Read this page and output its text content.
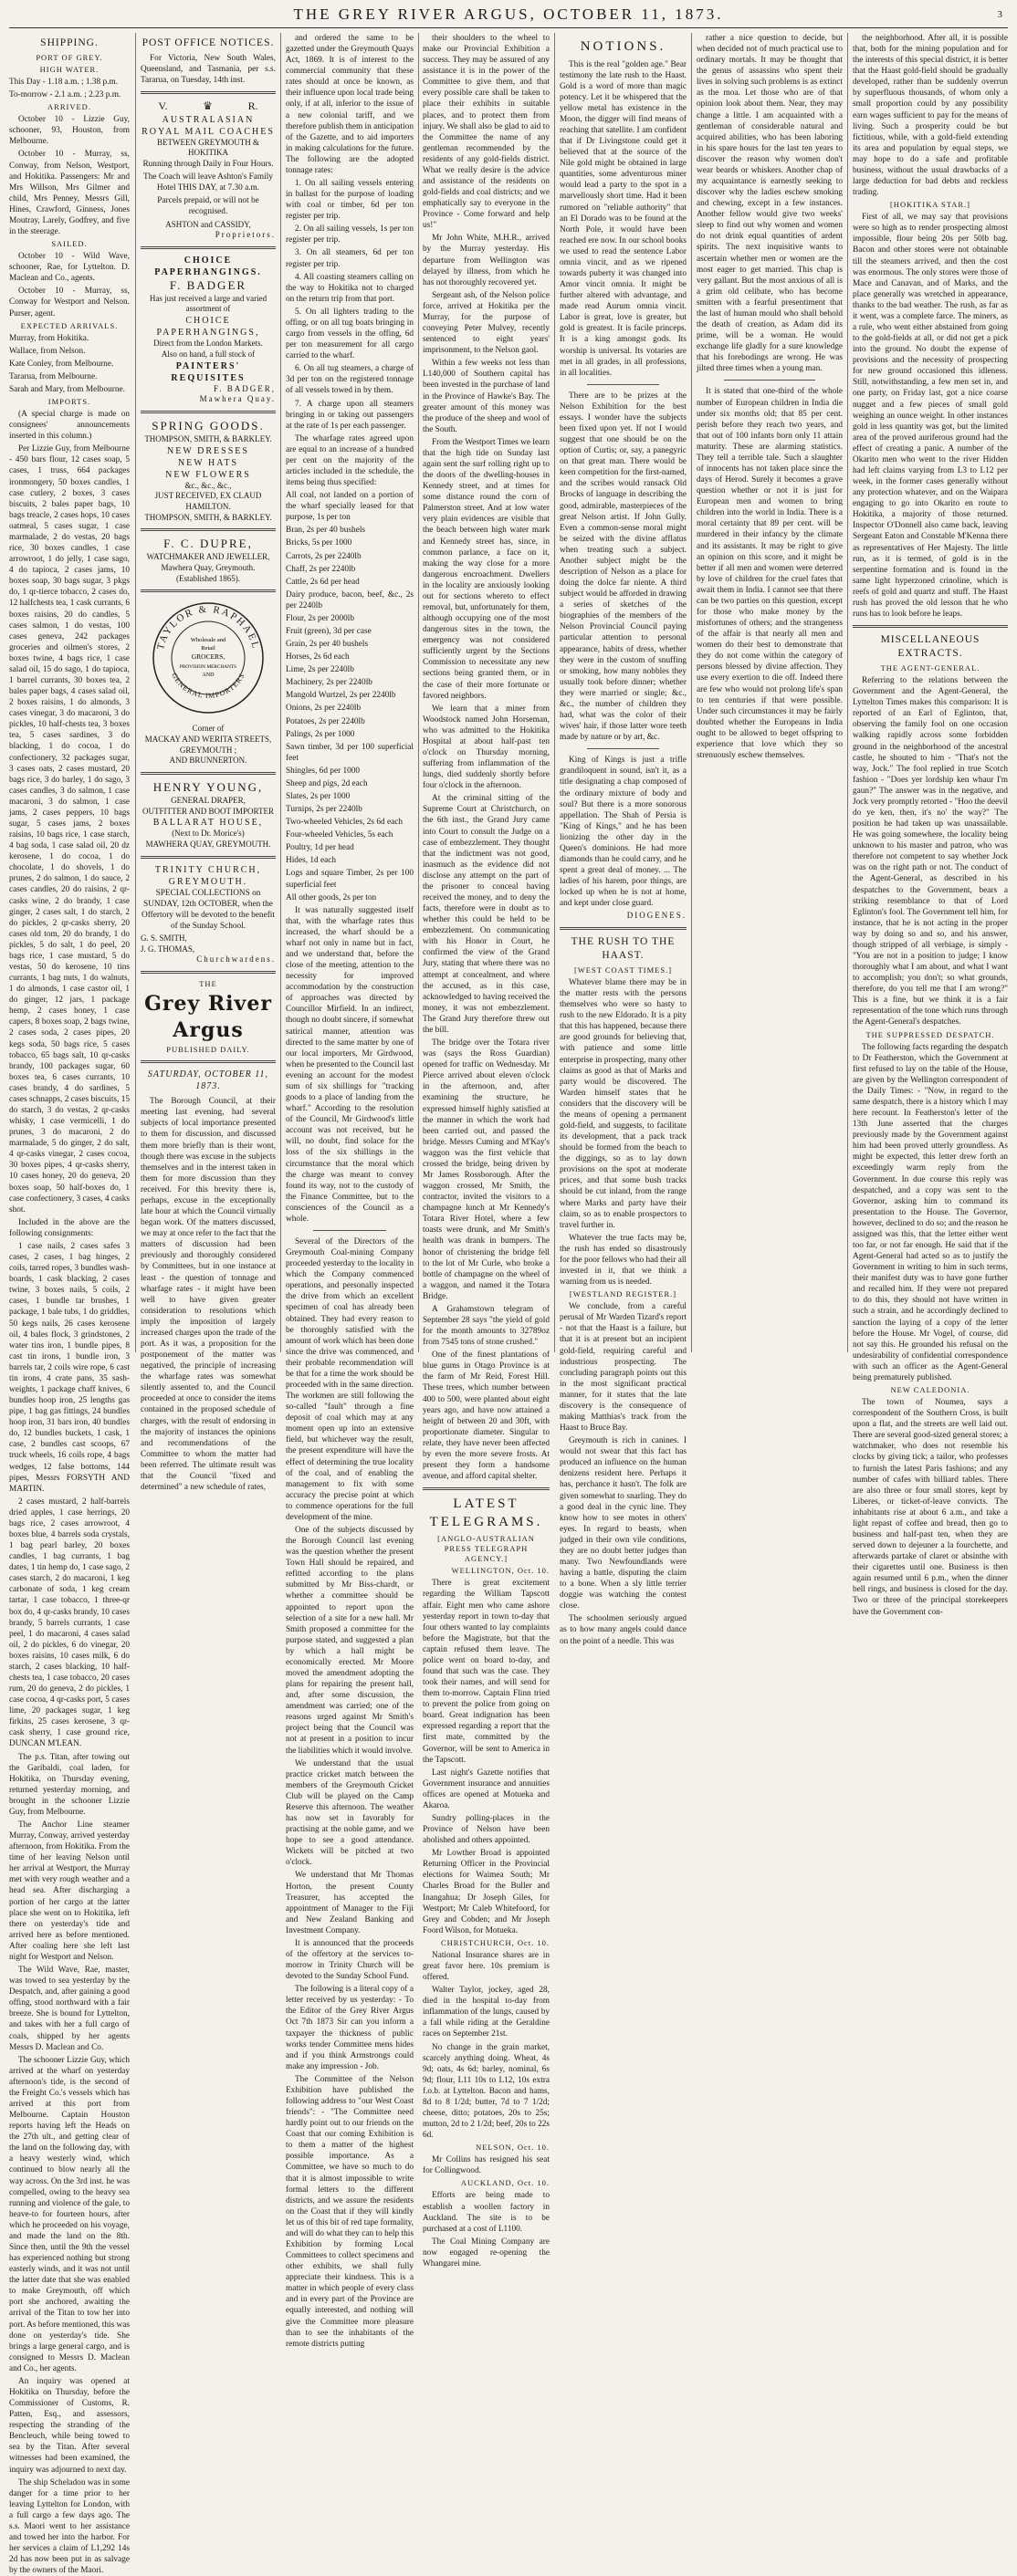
THE GREY RIVER ARGUS, OCTOBER 11, 1873.	3
SHIPPING.
PORT OF GREY.
HIGH WATER.

This Day - 1.18 a.m. ; 1.38 p.m.

To-morrow - 2.1 a.m. ; 2.23 p.m.

ARRIVED.

October 10 - Lizzie Guy, schooner, 93, Houston, from Melbourne.

October 10 - Murray, ss, Conway, from Nelson, Westport, and Hokitika. Passengers: Mr and Mrs Willson, Mrs Gilmer and child, Mrs Penney, Messrs Gill, Hines, Crawford, Ginness, Jones Moutray, Larely, Godfrey, and five in the steerage.

SAILED.

October 10 - Wild Wave, schooner, Rae, for Lyttelton. D. Maclean and Co., agents.

October 10 - Murray, ss, Conway for Westport and Nelson. Purser, agent.

EXPECTED ARRIVALS.

Murray, from Hokitika.

Wallace, from Nelson.

Kate Conley, from Melbourne.

Tararua, from Melbourne.

Sarah and Mary, from Melbourne.

IMPORTS.

(A special charge is made on consignees' announcements inserted in this column.)

Per Lizzie Guy, from Melbourne - 450 bars flour, 12 cases soap, 5 cases, 1 truss, 664 packages ironmongery, 50 boxes candles, 1 case cutlery, 2 boxes, 3 cases biscuits, 2 bales paper bags, 10 bags treacle, 2 cases hops, 10 cases oatmeal, 5 cases sugar, 1 case marmalade, 2 do vestas, 20 bags rice, 30 boxes candles, 1 case arrowroot, 1 do jelly, 1 case sago, 4 do tapioca, 2 cases jams, 10 boxes soap, 30 bags sugar, 3 pkgs do, 1 qr-tierce tobacco, 2 cases do, 12 halfchests tea, 1 cask currants, 6 boxes raisins, 20 do candles, 5 cases salmon, 1 do vestas, 100 cases geneva, 242 packages groceries and oilmen's stores, 2 boxes twine, 4 bags rice, 1 case salad oil, 15 do sago, 1 do tapioca, 1 barrel currants, 30 boxes tea, 2 bales paper bags, 4 cases salad oil, 2 boxes raisins, 1 do almonds, 3 cases vinegar, 3 do macaroni, 3 do pickles, 10 half-chests tea, 3 boxes tea, 5 cases sardines, 3 do blacking, 1 do cocoa, 1 do confectionery, 32 packages sugar, 3 cases oats, 2 cases mustard, 20 bags rice, 3 do barley, 1 do sago, 3 cases candles, 3 do salmon, 1 case macaroni, 3 do salmon, 1 case jams, 2 cases peppers, 10 bags sugar, 5 cases jams, 2 boxes raisins, 10 bags rice, 1 case starch, 4 bag soda, 1 case salad oil, 20 dz kerosene, 1 do cocoa, 1 do chocolate, 1 do shovels, 1 do prunes, 2 do salmon, 1 do sauce, 2 cases candles, 20 do raisins, 2 qr-casks wine, 2 do brandy, 1 case ginger, 2 cases salt, 1 do starch, 2 do pickles, 2 qr-casks sherry, 20 cases old tom, 20 do brandy, 1 do pickles, 5 do salt, 1 do peel, 20 bags rice, 1 case mustard, 5 do vestas, 50 do kerosene, 10 tins currants, 1 bag nuts, 1 do walnuts, 1 do almonds, 1 case castor oil, 1 do ginger, 12 jars, 1 package hemp, 2 cases honey, 1 case capers, 8 boxes soap, 2 bags twine, 2 cases soda, 2 cases pipes, 20 kegs soda, 50 bags rice, 5 cases tobacco, 65 bags salt, 10 qr-casks brandy, 100 packages sugar, 60 boxes tea, 6 cases currants, 10 cases brandy, 4 do sardines, 5 cases schnapps, 2 cases biscuits, 15 do starch, 3 do vestas, 2 qr-casks whisky, 1 case vermicelli, 1 do prunes, 3 do macaroni, 2 do marmalade, 5 do ginger, 2 do salt, 4 qr-casks vinegar, 2 cases cocoa, 30 boxes pipes, 4 qr-casks sherry, 10 cases honey, 20 do geneva, 20 boxes soap, 50 half-boxes do, 1 case confectionery, 3 cases, 4 casks shot.

Included in the above are the following consignments:

1 case nails, 2 cases safes 3 cases, 2 cases, 1 bag hinges, 2 coils, tarred ropes, 3 bundles wash-boards, 1 cask blacking, 2 cases twine, 3 boxes nails, 5 coils, 2 cases, 1 bundle tar brushes, 1 package, 1 bale tubs, 1 do griddles, 50 kegs nails, 26 cases kerosene oil, 4 bales flock, 3 grindstones, 2 water tins iron, 1 bundle pipes, 8 cast tin irons, 1 bundle iron, 3 barrels tar, 2 coils wire rope, 6 cast tin irons, 4 crate pans, 35 sash-weights, 1 package chaff knives, 6 bundles hoop iron, 25 lengths gas pipe, 1 bag gas fittings, 24 bundles hoop iron, 31 bars iron, 40 bundles do, 12 bundles buckets, 1 cask, 1 case, 2 bundles cast scoops, 67 truck wheels, 16 coils rope, 4 bags wedges, 12 false bottoms, 144 pipes, Messrs FORSYTH AND MARTIN.

2 cases mustard, 2 half-barrels dried apples, 1 case herrings, 20 bags rice, 2 cases arrowroot, 4 boxes blue, 4 barrels soda crystals, 1 bag pearl barley, 20 boxes candles, 1 bag currants, 1 bag dates, 1 tin hemp do, 1 case sago, 2 cases starch, 2 do macaroni, 1 keg carbonate of soda, 1 keg cream tartar, 1 case tobacco, 1 three-qr box do, 4 qr-casks brandy, 10 cases brandy, 5 barrels currants, 1 case peel, 1 do macaroni, 4 cases salad oil, 2 do pickles, 6 do vinegar, 20 boxes raisins, 10 cases milk, 6 do starch, 2 cases blacking, 10 half-chests tea, 1 case tobacco, 20 cases rum, 20 do geneva, 2 do pickles, 1 case cocoa, 4 qr-casks port, 5 cases lime, 20 packages sugar, 1 keg firkins, 25 cases kerosene, 3 qr-cask sherry, 1 case ground rice, DUNCAN M'LEAN.

The p.s. Titan, after towing out the Garibaldi, coal laden, for Hokitika, on Thursday evening, returned yesterday morning, and brought in the schooner Lizzie Guy, from Melbourne.

The Anchor Line steamer Murray, Conway, arrived yesterday afternoon, from Hokitika. From the time of her leaving Nelson until her arrival at Westport, the Murray met with very rough weather and a head sea. After discharging a portion of her cargo at the latter place she went on to Hokitika, left there on yesterday's tide and arrived here as before mentioned. After coaling here she left last night for Westport and Nelson.

The Wild Wave, Rae, master, was towed to sea yesterday by the Despatch, and, after gaining a good offing, stood northward with a fair breeze. She is bound for Lyttelton, and takes with her a full cargo of coals, shipped by her agents Messrs D. Maclean and Co.

The schooner Lizzie Guy, which arrived at the wharf on yesterday afternoon's tide, is the second of the Freight Co.'s vessels which has arrived at this port from Melbourne. Captain Houston reports having left the Heads on the 27th ult., and getting clear of the land on the following day, with a heavy westerly wind, which continued to blow nearly all the way across. On the 3rd inst. he was compelled, owing to the heavy sea running and violence of the gale, to heave-to for fourteen hours, after which he proceeded on his voyage, and made the land on the 8th. Since then, until the 9th the vessel has experienced nothing but strong easterly winds, and it was not until the latter date that she was enabled to make Greymouth, off which port she anchored, awaiting the arrival of the Titan to tow her into port. As before mentioned, this was done on yesterday's tide. She brings a large general cargo, and is consigned to Messrs D. Maclean and Co., her agents.

An inquiry was opened at Hokitika on Thursday, before the Commissioner of Customs, R. Patten, Esq., and assessors, respecting the stranding of the Bencleuch, while being towed to sea by the Titan. After several witnesses had been examined, the inquiry was adjourned to next day.

The ship Scheladon was in some danger for a time prior to her leaving Lyttelton for London, with a full cargo a few days ago. The s.s. Maori went to her assistance and towed her into the harbor. For her services a claim of L1,292 14s 2d has now been put in as salvage by the owners of the Maori.

POST OFFICE NOTICES.

For Victoria, New South Wales, Queensland, and Tasmania, per s.s. Tararua, on Tuesday, 14th inst.

V.	♛	R.
AUSTRALASIAN ROYAL MAIL COACHES
BETWEEN GREYMOUTH & HOKITIKA

Running through Daily in Four Hours.

The Coach will leave Ashton's Family Hotel THIS DAY, at 7.30 a.m.

Parcels prepaid, or will not be recognised.

ASHTON and CASSIDY,
Proprietors.
CHOICE PAPERHANGINGS.
F. BADGER
Has just received a large and varied assortment of
CHOICE PAPERHANGINGS,
Direct from the London Markets.
Also on hand, a full stock of
PAINTERS' REQUISITES
F. BADGER,
Mawhera Quay.
SPRING GOODS.
THOMPSON, SMITH, & BARKLEY.
NEW DRESSES
NEW HATS
NEW FLOWERS
&c., &c., &c.,
JUST RECEIVED, EX CLAUD HAMILTON.
THOMPSON, SMITH, & BARKLEY.
F. C. DUPRE,
WATCHMAKER AND JEWELLER,
Mawhera Quay, Greymouth.
(Established 1865).
TAYLOR & RAPHAEL
GENERAL IMPORTERS
Wholesale and
Retail
GROCERS,
PROVISION MERCHANTS
AND
Corner of
MACKAY AND WERITA STREETS,
GREYMOUTH ;
AND BRUNNERTON.
HENRY YOUNG,
GENERAL DRAPER,
OUTFITTER AND BOOT IMPORTER
BALLARAT HOUSE,
(Next to Dr. Morice's)
MAWHERA QUAY, GREYMOUTH.
TRINITY CHURCH, GREYMOUTH.

SPECIAL COLLECTIONS on SUNDAY, 12th OCTOBER, when the Offertory will be devoted to the benefit of the Sunday School.

G. S. SMITH,
J. G. THOMAS,
Churchwardens.
THE
Grey River Argus
PUBLISHED DAILY.
SATURDAY, OCTOBER 11, 1873.

The Borough Council, at their meeting last evening, had several subjects of local importance presented to them for discussion, and discussed them more briefly than is their wont, though there was excuse in the subjects themselves and in the interest taken in them for more discussion than they received. For this brevity there is, perhaps, excuse in the exceptionally late hour at which the Council virtually began work. Of the matters discussed, we may at once refer to the fact that the matters of discussion had been previously and thoroughly considered by Committees, but in one instance at least - the question of tonnage and wharfage rates - it might have been well to have given greater consideration to resolutions which imply the imposition of largely increased charges upon the trade of the port. As it was, a proposition for the postponement of the matter was negatived, the principle of increasing the wharfage rates was somewhat silently assented to, and the Council proceeded at once to consider the items contained in the proposed schedule of charges, with the result of endorsing in the majority of instances the opinions and recommendations of the Committee to whom the matter had been referred. The ultimate result was that the Council "fixed and determined" a new schedule of rates,

and ordered the same to be gazetted under the Greymouth Quays Act, 1869. It is of interest to the commercial community that these rates should at once be known, as their influence upon local trade being only, if at all, inferior to the issue of a new colonial tariff, and we therefore publish them in anticipation of the Gazette, and to aid importers in making calculations for the future. The following are the adopted tonnage rates:

1. On all sailing vessels entering in ballast for the purpose of loading with coal or timber, 6d per ton register per trip.

2. On all sailing vessels, 1s per ton register per trip.

3. On all steamers, 6d per ton register per trip.

4. All coasting steamers calling on the way to Hokitika not to charged on the return trip from that port.

5. On all lighters trading to the offing, or on all tug boats bringing in cargo from vessels in the offing, 6d per ton measurement for all cargo carried to the wharf.

6. On all tug steamers, a charge of 3d per ton on the registered tonnage of all vessels towed in by them.

7. A charge upon all steamers bringing in or taking out passengers at the rate of 1s per each passenger.

The wharfage rates agreed upon are equal to an increase of a hundred per cent on the majority of the articles included in the schedule, the items being thus specified:

All coal, not landed on a portion of the wharf specially leased for that purpose, 1s per ton

Bran, 2s per 40 bushels

Bricks, 5s per 1000

Carrots, 2s per 2240lb

Chaff, 2s per 2240lb

Cattle, 2s 6d per head

Dairy produce, bacon, beef, &c., 2s per 2240lb

Flour, 2s per 2000lb

Fruit (green), 3d per case

Grain, 2s per 40 bushels

Horses, 2s 6d each

Lime, 2s per 2240lb

Machinery, 2s per 2240lb

Mangold Wurtzel, 2s per 2240lb

Onions, 2s per 2240lb

Potatoes, 2s per 2240lb

Palings, 2s per 1000

Sawn timber, 3d per 100 superficial feet

Shingles, 6d per 1000

Sheep and pigs, 2d each

Slates, 2s per 1000

Turnips, 2s per 2240lb

Two-wheeled Vehicles, 2s 6d each

Four-wheeled Vehicles, 5s each

Poultry, 1d per head

Hides, 1d each

Logs and square Timber, 2s per 100 superficial feet

All other goods, 2s per ton

It was naturally suggested itself that, with the wharfage rates thus increased, the wharf should be a wharf not only in name but in fact, and we understand that, before the close of the meeting, attention to the necessity for improved accommodation by the construction of approaches was directed by Councillor Mirfield. In an indirect, though no doubt sincere, if somewhat satirical manner, attention was directed to the same matter by one of our local importers, Mr Girdwood, when he presented to the Council last evening an account for the modest sum of six shillings for "tracking goods to a place of landing from the wharf." According to the resolution of the Council, Mr Girdwood's little account was not received, but he will, no doubt, find solace for the loss of the six shillings in the circumstance that the moral which the charge was meant to convey found its way, not to the custody of the Finance Committee, but to the consciences of the Council as a whole.

Several of the Directors of the Greymouth Coal-mining Company proceeded yesterday to the locality in which the Company commenced operations, and personally inspected the drive from which an excellent specimen of coal has already been obtained. They had every reason to be thoroughly satisfied with the amount of work which has been done since the drive was commenced, and their probable recommendation will be that for a time the work should be proceeded with in the same direction. The workmen are still following the so-called "fault" through a fine deposit of coal which may at any moment open up into an extensive field, but whichever way the result, the present expenditure will have the effect of determining the true locality of the coal, and of enabling the management to fix with some accuracy the precise point at which to commence operations for the full development of the mine.

One of the subjects discussed by the Borough Council last evening was the question whether the present Town Hall should be repaired, and refitted according to the plans submitted by Mr Biss-chardt, or whether a committee should be appointed to report upon the selection of a site for a new hall. Mr Smith proposed a committee for the purpose stated, and suggested a plan by which a hall might be economically erected. Mr Moore moved the amendment adopting the plans for repairing the present hall, and, after some discussion, the amendment was carried; one of the reasons urged against Mr Smith's project being that the Council was not at present in a position to incur the liabilities which it would involve.

We understand that the usual practice cricket match between the members of the Greymouth Cricket Club will be played on the Camp Reserve this afternoon. The weather has now set in favorably for practising at the noble game, and we hope to see a good attendance. Wickets will be pitched at two o'clock.

We understand that Mr Thomas Horton, the present County Treasurer, has accepted the appointment of Manager to the Fiji and New Zealand Banking and Investment Company.

It is announced that the proceeds of the offertory at the services to-morrow in Trinity Church will be devoted to the Sunday School Fund.

The following is a literal copy of a letter received by us yesterday: - To the Editor of the Grey River Argus Oct 7th 1873 Sir can you inform a taxpayer the thickness of public works tender Committee mens hides and if you think Armstrongs could make any impression - Job.

The Committee of the Nelson Exhibition have published the following address to "our West Coast friends": - "The Committee need hardly point out to our friends on the Coast that our coming Exhibition is to them a matter of the highest possible importance. As a Committee, we have so much to do that it is almost impossible to write formal letters to the different districts, and we assure the residents on the Coast that if they will kindly let us of this bit of red tape formality, and will do what they can to help this Exhibition by forming Local Committees to collect specimens and other exhibits, we shall fully appreciate their kindness. This is a matter in which people of every class and in every part of the Province are equally interested, and nothing will give the Committee more pleasure than to see the inhabitants of the remote districts putting

their shoulders to the wheel to make our Provincial Exhibition a success. They may be assured of any assistance it is in the power of the Committee to give them, and that every possible care shall be taken to place their exhibits in suitable places, and to protect them from injury. We shall also be glad to aid to the Committee the name of any gentleman recommended by the residents of any gold-fields district. What we really desire is the advice and assistance of the residents on gold-fields and coal districts; and we emphatically say to everyone in the Province - Come forward and help us!"

Mr John White, M.H.R., arrived by the Murray yesterday. His departure from Wellington was delayed by illness, from which he has not thoroughly recovered yet.

Sergeant ash, of the Nelson police force, arrived at Hokitika per the Murray, for the purpose of conveying Peter Mulvey, recently sentenced to eight years' imprisonment, to the Nelson gaol.

Within a few weeks not less than L140,000 of Southern capital has been invested in the purchase of land in the Province of Hawke's Bay. The greater amount of this money was the produce of the sheep and wool of the South.

From the Westport Times we learn that the high tide on Sunday last again sent the surf rolling right up to the doors of the dwelling-houses in Kennedy street, and at times for some distance round the corn of Palmerston street. And at low water very plain evidences are visible that the beach between high water mark and Kennedy street has, since, in common parlance, a face on it, making the way close for a more dangerous encroachment. Dwellers in the locality are anxiously looking out for sections whereto to effect removal, but, unfortunately for them, although occupying one of the most dangerous sites in the town, the emergency was not considered sufficiently urgent by the Sections Commission to necessitate any new sections being granted them, or in the case of their more fortunate or favored neighbors.

We learn that a miner from Woodstock named John Horseman, who was admitted to the Hokitika Hospital at about half-past ten o'clock on Thursday morning, suffering from inflammation of the lungs, died suddenly shortly before four o'clock in the afternoon.

At the criminal sitting of the Supreme Court at Christchurch, on the 6th inst., the Grand Jury came into Court to consult the Judge on a case of embezzlement. They thought that the indictment was not good, inasmuch as the evidence did not disclose any attempt on the part of the prisoner to conceal having received the money, and to deny the facts, therefore were in doubt as to whether this could be held to be embezzlement. On communicating with his Honor in Court, he confirmed the view of the Grand Jury, stating that where there was no attempt at concealment, and where the accused, as in this case, acknowledged to having received the money, it was not embezzlement. The Grand Jury therefore threw out the bill.

The bridge over the Totara river was (says the Ross Guardian) opened for traffic on Wednesday. Mr Pierce arrived about eleven o'clock in the afternoon, and, after examining the structure, he expressed himself highly satisfied at the manner in which the work had been carried out, and passed the bridge. Messrs Cuming and M'Kay's waggon was the first vehicle that crossed the bridge, being driven by Mr James Rossborough. After the waggon crossed, Mr Smith, the contractor, invited the visitors to a champagne lunch at Mr Kennedy's Totara River Hotel, where a few toasts were drunk, and Mr Smith's health was drank in bumpers. The honor of christening the bridge fell to the lot of Mr Curle, who broke a bottle of champagne on the wheel of a waggon, and named it the Totara Bridge.

A Grahamstown telegram of September 28 says "the yield of gold for the month amounts to 32789oz from 7545 tons of stone crushed."

One of the finest plantations of blue gums in Otago Province is at the farm of Mr Reid, Forest Hill. These trees, which number between 400 to 500, were planted about eight years ago, and have now attained a height of between 20 and 30ft, with proportionate diameter. Singular to relate, they have never been affected by even the more severe frosts. At present they form a handsome avenue, and afford capital shelter.

LATEST TELEGRAMS.
[ANGLO-AUSTRALIAN PRESS TELEGRAPH AGENCY.]
WELLINGTON, Oct. 10.

There is great excitement regarding the William Tapscott affair. Eight men who came ashore yesterday report in town to-day that four others wanted to lay complaints before the Magistrate, but that the captain refused them leave. The police went on board to-day, and found that such was the case. They took their names, and will send for them to-morrow. Captain Flinn tried to prevent the police from going on board. Great indignation has been expressed regarding a report that the first mate, committed by the Governor, will be sent to America in the Tapscott.

Last night's Gazette notifies that Government insurance and annuities offices are opened at Motueka and Akaroa.

Sundry polling-places in the Province of Nelson have been abolished and others appointed.

Mr Lowther Broad is appointed Returning Officer in the Provincial elections for Waimea South; Mr Charles Broad for the Buller and Inangahua; Dr Joseph Giles, for Westport; Mr Caleb Whitefoord, for Grey and Cobden; and Mr Joseph Foord Wilson, for Motueka.

CHRISTCHURCH, Oct. 10.

National Insurance shares are in great favor here. 10s premium is offered.

Walter Taylor, jockey, aged 28, died in the hospital to-day from inflammation of the lungs, caused by a fall while riding at the Geraldine races on September 21st.

No change in the grain market, scarcely anything doing. Wheat, 4s 9d; oats, 4s 6d; barley, nominal, 6s 9d; flour, L11 10s to L12, 10s extra f.o.b. at Lyttelton. Bacon and hams, 8d to 8 1/2d; butter, 7d to 7 1/2d; cheese, ditto; potatoes, 20s to 25s; mutton, 2d to 2 1/2d; beef, 20s to 22s 6d.

NELSON, Oct. 10.

Mr Collins has resigned his seat for Collingwood.

AUCKLAND, Oct. 10.

Efforts are being made to establish a woollen factory in Auckland. The site is to be purchased at a cost of L1100.

The Coal Mining Company are now engaged re-opening the Whangarei mine.

NOTIONS.

This is the real "golden age." Bear testimony the late rush to the Haast. Gold is a word of more than magic potency. Let it be whispered that the yellow metal has existence in the Moon, the digger will find means of reaching that satellite. I am confident that if Dr Livingstone could get it believed that at the source of the Nile gold might be obtained in large quantities, some adventurous miner would lead a party to the spot in a marvellously short time. Had it been rumored on "reliable authority" that an El Dorado was to be found at the North Pole, it would have been reached ere now. In our school books we used to read the sentence Labor omnia vincit, and as we ripened towards puberty it was changed into Amor vincit omnia. It might be further altered with advantage, and made read Aurum omnia vincit. Labor is great, love is greater, but gold is greatest. It is facile princeps. It is a king amongst gods. Its worship is universal. Its votaries are met in all grades, in all professions, in all localities.

There are to be prizes at the Nelson Exhibition for the best essays. I wonder have the subjects been fixed upon yet. If not I would suggest that one should be on the option of Curtis; or, say, a panegyric on that great man. There would be keen competition for the first-named, and the scribes would ransack Old Brocks of language in describing the good, admirable, masterpieces of the great Nelson artist. If John Gully. Even a common-sense moral might be seized with the divine afflatus when treating such a subject. Another subject might be the description of Nelson as a place for doing the dolce far niente. A third subject would be afforded in drawing a series of sketches of the biographies of the members of the Nelson Provincial Council paying particular attention to personal appearance, habits of dress, whether they were in the custom of snuffing or smoking, how many nobbles they usually took before dinner; whether they were married or single; &c., &c., the number of children they had, what was the color of their wives' hair, if those latter wore teeth made by nature or by art, &c.

King of Kings is just a trifle grandiloquent in sound, isn't it, as a title designating a chap composed of the ordinary mixture of body and soul? But there is a more sonorous appellation. The Shah of Persia is "King of Kings," and he has been lionizing the other day in the Queen's dominions. He had more diamonds than he could carry, and he spent a great deal of money. ... The ladies of his harem, poor things, are locked up when he is not at home, and kept under close guard.

DIOGENES.
THE RUSH TO THE HAAST.
[WEST COAST TIMES.]

Whatever blame there may be in the matter rests with the persons themselves who were so hasty to rush to the new Eldorado. It is a pity that this has happened, because there are good grounds for believing that, with patience and some little enterprise in prospecting, many other claims as good as that of Marks and party would be discovered. The Warden himself states that he considers that the discovery will be the means of opening a permanent gold-field, and suggests, to facilitate its development, that a pack track should be formed from the beach to the diggings, so as to lay down provisions on the spot at moderate prices, and that some bush tracks should be cut inland, from the range where Marks and party have their claim, so as to enable prospectors to travel further in.

Whatever the true facts may be, the rush has ended so disastrously for the poor fellows who had their all invested in it, that we think a warning from us is needed.

[WESTLAND REGISTER.]

We conclude, from a careful perusal of Mr Warden Tizard's report - not that the Haast is a failure, but that it is at present but an incipient gold-field, requiring careful and industrious prospecting. The concluding paragraph points out this in the most significant practical manner, for it states that the late discovery is the consequence of making Matthias's track from the Haast to Bruce Bay.

Greymouth is rich in canines. I would not swear that this fact has produced an influence on the human denizens resident here. Perhaps it has, perchance it hasn't. The folk are given somewhat to snarling. They do a good deal in the cynic line. They know how to see motes in others' eyes. In regard to beasts, when judged in their own vile conditions, they are no doubt better judges than many. Two Newfoundlands were having a battle, disputing the claim to a bone. When a sly little terrier doggie was watching the contest close.

The schoolmen seriously argued as to how many angels could dance on the point of a needle. This was

rather a nice question to decide, but when decided not of much practical use to ordinary mortals. It may be thought that the genus of assassins who spent their lives in solving such problems is as extinct as the moa. Let those who are of that opinion look about them. Near, they may change a little. I am acquainted with a gentleman of considerable natural and acquired abilities, who has been laboring in his spare hours for the last ten years to discover the reason why women don't wear beards or whiskers. Another chap of my acquaintance is earnestly seeking to discover why the ladies eschew smoking and chewing, except in a few instances. Another fellow would give two weeks' sleep to find out why women and women do not drink equal quantities of ardent spirits. The next inquisitive wants to ascertain whether men or women are the most eager to get married. This chap is very gallant. But the most anxious of all is a grim old celibate, who has become smitten with a fearful presentiment that the last of human mould who shall behold the death of creation, as Adam did its prime, will be a woman. He would exchange life gladly for a sure knowledge that his forebodings are wrong. He was jilted three times when a young man.

It is stated that one-third of the whole number of European children in India die under six months old; that 85 per cent. perish before they reach two years, and that out of 100 infants born only 11 attain maturity. These are alarming statistics. They tell a terrible tale. Such a slaughter of innocents has not taken place since the days of Herod. Surely it becomes a grave question whether or not it is just for European men and women to bring children into the world in India. There is a moral certainty that 89 per cent. will be murdered in their infancy by the climate and its assistants. It may be right to give an opinion on this score, and it might be better if all men and women were deterred by love of children for the cruel fates that await them in India. I cannot see that there can be two parties on this question, except for those who make money by the misfortunes of others; and the strangeness of the affair is that nearly all men and women do their best to demonstrate that they do not come within the category of persons blessed by divine affection. They use every exertion to die off. Indeed there are few who would not prolong life's span to ten centuries if that were possible. Under such circumstances it may be fairly doubted whether the Europeans in India ought to be allowed to beget offspring to experience that love which they so strenuously eschew themselves.

the neighborhood. After all, it is possible that, both for the mining population and for the interests of this special district, it is better that the Haast gold-field should be gradually developed, rather than be suddenly overrun by superfluous thousands, of whom only a small proportion could by any possibility earn wages sufficient to pay for the means of living. Such a prosperity could be but fictitious, while, with a gold-field extending its area and population by equal steps, we may hope to do a safe and profitable business, without the usual drawbacks of a large deduction for bad debts and reckless trading.

[HOKITIKA STAR.]

First of all, we may say that provisions were so high as to render prospecting almost impossible, flour being 20s per 50lb bag. Bacon and other stores were not obtainable till the steamers arrived, and then the cost was enormous. The only stores were those of Mace and Canavan, and of Marks, and the place generally was wretched in appearance, thanks to the bad weather. The rush, as far as it went, was a complete farce. The miners, as a rule, who went either abstained from going to the gold-fields at all, or did not get a pick into the ground. No doubt the expense of provisions and the necessity of prospecting for new ground occasioned this idleness. Still, notwithstanding, a few men set in, and one party, on Friday last, got a nice coarse nugget and a few pieces of small gold weighing an ounce weight. In other instances gold in less quantity was got, but the limited area of the proved auriferous ground had the effect of creating a panic. A number of the Okarito men who went to the river Hidden had left claims varying from L3 to L12 per week, in the former cases generally without any protection whatever, and on the Waipara engaging to go into Okarito en route to Hokitika, a majority of those returned. Inspector O'Donnell also came back, leaving Sergeant Eaton and Constable M'Kenna there as representatives of Her Majesty. The little run, as it is termed, of gold is in the serpentine formation and is found in the same light hyperzoned crinoline, which is reefs of gold and quartz and stuff. The Haast rush has proved the old lesson that he who runs has to look before he leaps.

MISCELLANEOUS EXTRACTS.
THE AGENT-GENERAL.

Referring to the relations between the Government and the Agent-General, the Lyttelton Times makes this comparison: It is reported of an Earl of Eglinton, that, observing the family fool on one occasion walking rapidly across some forbidden ground in the neighborhood of the ancestral castle, he shouted to him - "That's not the way, Jock." The fool replied in true Scotch fashion - "Does yer lordship ken whaur I'm gaun?" The answer was in the negative, and Jock very promptly retorted - "Hoo the deevil do ye ken, then, it's no' the way?" The position he had taken up was unassailable. He was going somewhere, the locality being unknown to his master and patron, who was therefore not competent to say whether Jock was on the right path or not. The conduct of the Agent-General, as described in his despatches to the Government, bears a striking resemblance to that of Lord Eglinton's fool. The Government tell him, for instance, that he is not acting in the proper way by doing so and so, and his answer, though stripped of all verbiage, is simply - "You are not in a position to judge; I know thoroughly what I am about, and what I want to accomplish; you don't; so what grounds, therefore, do you tell me that I am wrong?" This is a fine, but we think it is a fair representation of the tone which runs through the Agent-General's despatches.

THE SUPPRESSED DESPATCH.

The following facts regarding the despatch to Dr Featherston, which the Government at first refused to lay on the table of the House, are given by the Wellington correspondent of the Daily Times: - "Now, in regard to the same despatch, there is a history which I may here recount. In Featherston's letter of the 13th June asserted that the charges previously made by the Government against him had been proved utterly groundless. As might be expected, this letter drew forth an exceedingly warm reply from the Government. In due course this reply was despatched, and a copy was sent to the Governor, asking him to command its presentation to the House. The Governor, however, declined to do so; and the reason he assigned was this, that the letter either went too far, or not far enough. He said that if the Agent-General had acted so as to justify the Government in writing to him in such terms, their manifest duty was to have gone further and recalled him. If they were not prepared to do this, they should not have written in such a strain, and he accordingly declined to sanction the laying of a copy of the letter before the House. Mr Vogel, of course, did not say this. He grounded his refusal on the undesirability of confidential correspondence with such an officer as the Agent-General being prematurely published.

NEW CALEDONIA.

The town of Noumea, says a correspondent of the Southern Cross, is built upon a flat, and the streets are well laid out. There are several good-sized general stores; a watchmaker, who does not resemble his clocks by giving tick; a tailor, who professes to furnish the latest Paris fashions; and any number of cafes with billiard tables. There are also three or four small stores, kept by Liberes, or ticket-of-leave convicts. The inhabitants rise at about 6 a.m., and take a light repast of coffee and bread, then go to business and half-past ten, when they are served down to dejeuner a la fourchette, and afterwards partake of claret or absinthe with their cigarettes until one. Business is then again resumed until 6 p.m., when the dinner bell rings, and business is closed for the day. Two or three of the principal storekeepers have the Government con-
